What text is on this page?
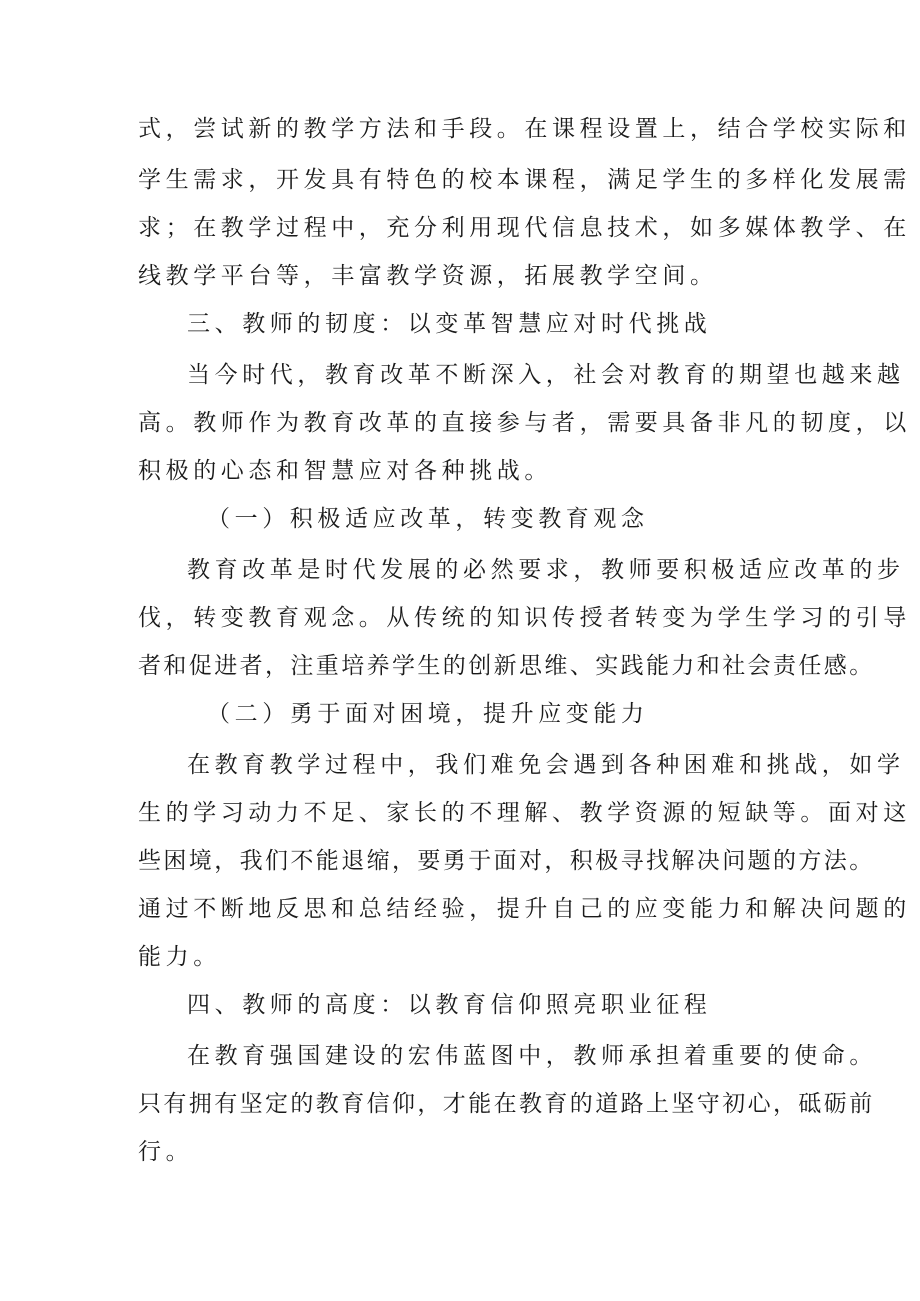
式，尝试新的教学方法和手段。在课程设置上，结合学校实际和

学生需求，开发具有特色的校本课程，满足学生的多样化发展需

求；在教学过程中，充分利用现代信息技术，如多媒体教学、在

线教学平台等，丰富教学资源，拓展教学空间。

三、教师的韧度：以变革智慧应对时代挑战

当今时代，教育改革不断深入，社会对教育的期望也越来越

高。教师作为教育改革的直接参与者，需要具备非凡的韧度，以

积极的心态和智慧应对各种挑战。

（一）积极适应改革，转变教育观念

教育改革是时代发展的必然要求，教师要积极适应改革的步

伐，转变教育观念。从传统的知识传授者转变为学生学习的引导

者和促进者，注重培养学生的创新思维、实践能力和社会责任感。

（二）勇于面对困境，提升应变能力

在教育教学过程中，我们难免会遇到各种困难和挑战，如学

生的学习动力不足、家长的不理解、教学资源的短缺等。面对这

些困境，我们不能退缩，要勇于面对，积极寻找解决问题的方法。

通过不断地反思和总结经验，提升自己的应变能力和解决问题的

能力。

四、教师的高度：以教育信仰照亮职业征程

在教育强国建设的宏伟蓝图中，教师承担着重要的使命。

只有拥有坚定的教育信仰，才能在教育的道路上坚守初心，砥砺前

行。
